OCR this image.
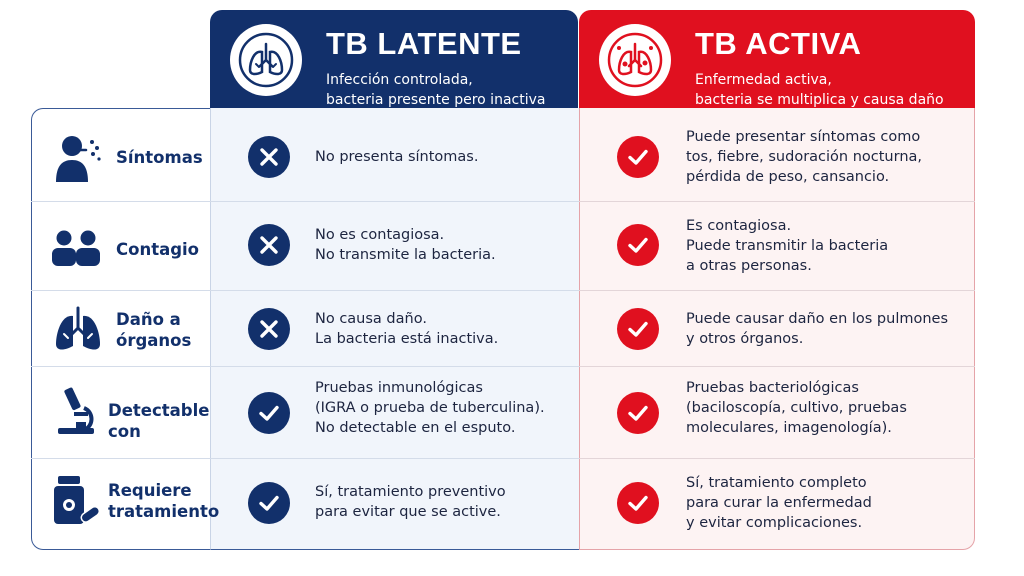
TB LATENTE
Infección controlada,
bacteria presente pero inactiva
TB ACTIVA
Enfermedad activa,
bacteria se multiplica y causa daño
Síntomas	No presenta síntomas.
Puede presentar síntomas como
tos, fiebre, sudoración nocturna,
pérdida de peso, cansancio.
Contagio
No es contagiosa.
No transmite la bacteria.
Es contagiosa.
Puede transmitir la bacteria
a otras personas.
Daño a
órganos
No causa daño.
La bacteria está inactiva.
Puede causar daño en los pulmones
y otros órganos.
Detectable
con
Pruebas inmunológicas
(IGRA o prueba de tuberculina).
No detectable en el esputo.
Pruebas bacteriológicas
(baciloscopía, cultivo, pruebas
moleculares, imagenología).
Requiere
tratamiento
Sí, tratamiento preventivo
para evitar que se active.
Sí, tratamiento completo
para curar la enfermedad
y evitar complicaciones.
